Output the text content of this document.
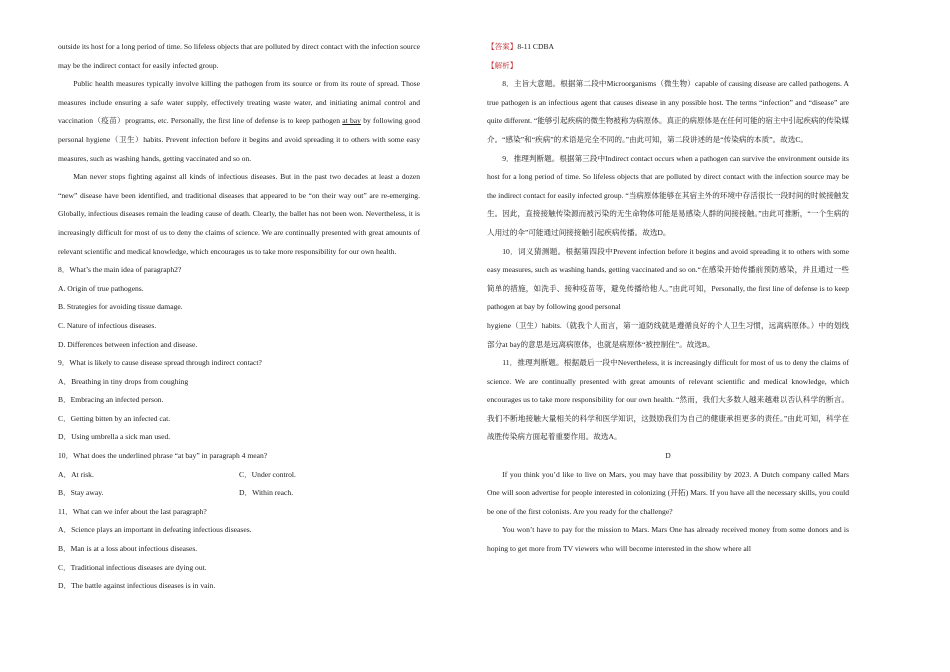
outside its host for a long period of time. So lifeless objects that are polluted by direct contact with the infection source may be the indirect contact for easily infected group.

Public health measures typically involve killing the pathogen from its source or from its route of spread. Those measures include ensuring a safe water supply, effectively treating waste water, and initiating animal control and vaccination（疫苗）programs, etc. Personally, the first line of defense is to keep pathogen at bay by following good personal hygiene（卫生）habits. Prevent infection before it begins and avoid spreading it to others with some easy measures, such as washing hands, getting vaccinated and so on.

Man never stops fighting against all kinds of infectious diseases. But in the past two decades at least a dozen “new” disease have been identified, and traditional diseases that appeared to be “on their way out” are re-emerging. Globally, infectious diseases remain the leading cause of death. Clearly, the ballet has not been won. Nevertheless, it is increasingly difficult for most of us to deny the claims of science. We are continually presented with great amounts of relevant scientific and medical knowledge, which encourages us to take more responsibility for our own health.

8．What’s the main idea of paragraph2?

A. Origin of true pathogens.

B. Strategies for avoiding tissue damage.

C. Nature of infectious diseases.

D. Differences between infection and disease.

9．What is likely to cause disease spread through indirect contact?

A．Breathing in tiny drops from coughing

B．Embracing an infected person.

C．Getting bitten by an infected cat.

D．Using umbrella a sick man used.

10．What does the underlined phrase “at bay” in paragraph 4 mean?

A．At risk.	C．Under control.
B．Stay away.	D．Within reach.

11．What can we infer about the last paragraph?

A．Science plays an important in defeating infectious diseases.

B．Man is at a loss about infectious diseases.

C．Traditional infectious diseases are dying out.

D．The battle against infectious diseases is in vain.

【答案】8-11 CDBA

【解析】

8．主旨大意题。根据第二段中Microorganisms（微生物）capable of causing disease are called pathogens. A true pathogen is an infectious agent that causes disease in any possible host. The terms “infection” and “disease” are quite different. “能够引起疾病的微生物被称为病原体。真正的病原体是在任何可能的宿主中引起疾病的传染媒介。“感染”和“疾病”的术语是完全不同的。”由此可知，第二段讲述的是“传染病的本质”。故选C。

9．推理判断题。根据第三段中Indirect contact occurs when a pathogen can survive the environment outside its host for a long period of time. So lifeless objects that are polluted by direct contact with the infection source may be the indirect contact for easily infected group. “当病原体能够在其宿主外的环境中存活很长一段时间的时候接触发生。因此，直接接触传染源而被污染的无生命物体可能是易感染人群的间接接触。”由此可推断，“一个生病的人用过的伞”可能通过间接接触引起疾病传播。故选D。

10．词义猜测题。根据第四段中Prevent infection before it begins and avoid spreading it to others with some easy measures, such as washing hands, getting vaccinated and so on.“在感染开始传播前预防感染，并且通过一些简单的措施，如洗手、接种疫苗等，避免传播给他人。”由此可知，Personally, the first line of defense is to keep pathogen at bay by following good personal

hygiene（卫生）habits.（就我个人而言，第一道防线就是遵循良好的个人卫生习惯，远离病原体。）中的划线部分at bay的意思是远离病原体，也就是病原体“被控制住”。故选B。

11．推理判断题。根据最后一段中Nevertheless, it is increasingly difficult for most of us to deny the claims of science. We are continually presented with great amounts of relevant scientific and medical knowledge, which encourages us to take more responsibility for our own health. “然而，我们大多数人越来越难以否认科学的断言。我们不断地接触大量相关的科学和医学知识，这鼓励我们为自己的健康承担更多的责任。”由此可知，科学在战胜传染病方面起着重要作用。故选A。

D

If you think you’d like to live on Mars, you may have that possibility by 2023. A Dutch company called Mars One will soon advertise for people interested in colonizing (开拓) Mars. If you have all the necessary skills, you could be one of the first colonists. Are you ready for the challenge?

You won’t have to pay for the mission to Mars. Mars One has already received money from some donors and is hoping to get more from TV viewers who will become interested in the show where all
